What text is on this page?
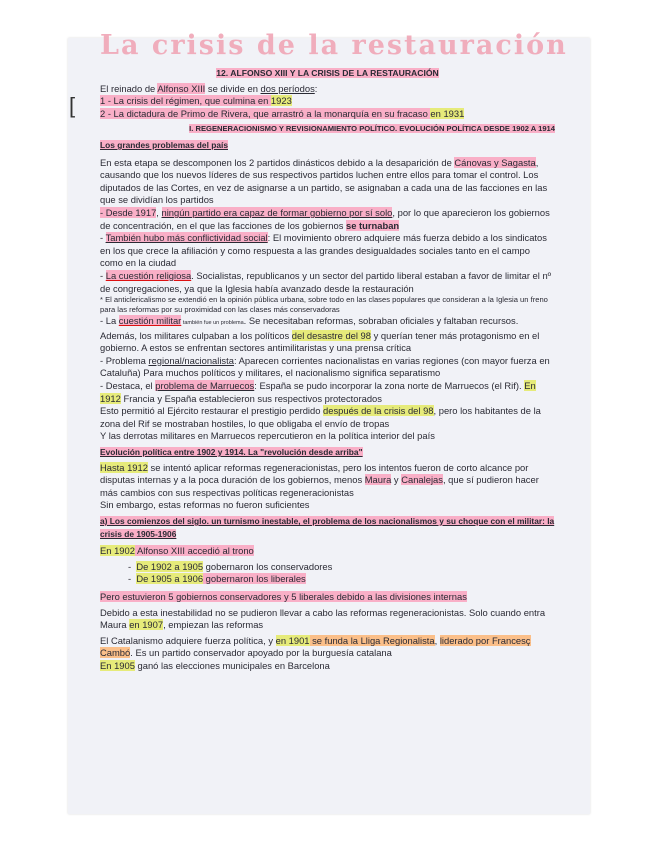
La crisis de la restauración
12. ALFONSO XIII Y LA CRISIS DE LA RESTAURACIÓN

El reinado de Alfonso XIII se divide en dos períodos:

[	1 - La crisis del régimen, que culmina en 1923

2 - La dictadura de Primo de Rivera, que arrastró a la monarquía en su fracaso en 1931

I. REGENERACIONISMO Y REVISIONAMIENTO POLÍTICO. EVOLUCIÓN POLÍTICA DESDE 1902 A 1914
Los grandes problemas del país

En esta etapa se descomponen los 2 partidos dinásticos debido a la desaparición de Cánovas y Sagasta, causando que los nuevos líderes de sus respectivos partidos luchen entre ellos para tomar el control. Los diputados de las Cortes, en vez de asignarse a un partido, se asignaban a cada una de las facciones en las que se dividían los partidos

- Desde 1917, ningún partido era capaz de formar gobierno por sí solo, por lo que aparecieron los gobiernos de concentración, en el que las facciones de los gobiernos se turnaban

- También hubo más conflictividad social: El movimiento obrero adquiere más fuerza debido a los sindicatos en los que crece la afiliación y como respuesta a las grandes desigualdades sociales tanto en el campo como en la ciudad

- La cuestión religiosa. Socialistas, republicanos y un sector del partido liberal estaban a favor de limitar el nº de congregaciones, ya que la Iglesia había avanzado desde la restauración

* El anticlericalismo se extendió en la opinión pública urbana, sobre todo en las clases populares que consideran a la Iglesia un freno para las reformas por su proximidad con las clases más conservadoras

- La cuestión militar también fue un problema. Se necesitaban reformas, sobraban oficiales y faltaban recursos. Además, los militares culpaban a los políticos del desastre del 98 y querían tener más protagonismo en el gobierno. A estos se enfrentan sectores antimilitaristas y una prensa crítica

- Problema regional/nacionalista: Aparecen corrientes nacionalistas en varias regiones (con mayor fuerza en Cataluña) Para muchos políticos y militares, el nacionalismo significa separatismo

- Destaca, el problema de Marruecos: España se pudo incorporar la zona norte de Marruecos (el Rif). En 1912 Francia y España establecieron sus respectivos protectorados

Esto permitió al Ejército restaurar el prestigio perdido después de la crisis del 98, pero los habitantes de la zona del Rif se mostraban hostiles, lo que obligaba el envío de tropas

Y las derrotas militares en Marruecos repercutieron en la política interior del país

Evolución política entre 1902 y 1914. La "revolución desde arriba"

Hasta 1912 se intentó aplicar reformas regeneracionistas, pero los intentos fueron de corto alcance por disputas internas y a la poca duración de los gobiernos, menos Maura y Canalejas, que sí pudieron hacer más cambios con sus respectivas políticas regeneracionistas

Sin embargo, estas reformas no fueron suficientes

a) Los comienzos del siglo. un turnismo inestable, el problema de los nacionalismos y su choque con el militar: la crisis de 1905-1906

En 1902 Alfonso XIII accedió al trono

-  De 1902 a 1905 gobernaron los conservadores

-  De 1905 a 1906 gobernaron los liberales

Pero estuvieron 5 gobiernos conservadores y 5 liberales debido a las divisiones internas

Debido a esta inestabilidad no se pudieron llevar a cabo las reformas regeneracionistas. Solo cuando entra Maura en 1907, empiezan las reformas

El Catalanismo adquiere fuerza política, y en 1901 se funda la Lliga Regionalista, liderado por Francesç Cambó. Es un partido conservador apoyado por la burguesía catalana

En 1905 ganó las elecciones municipales en Barcelona
